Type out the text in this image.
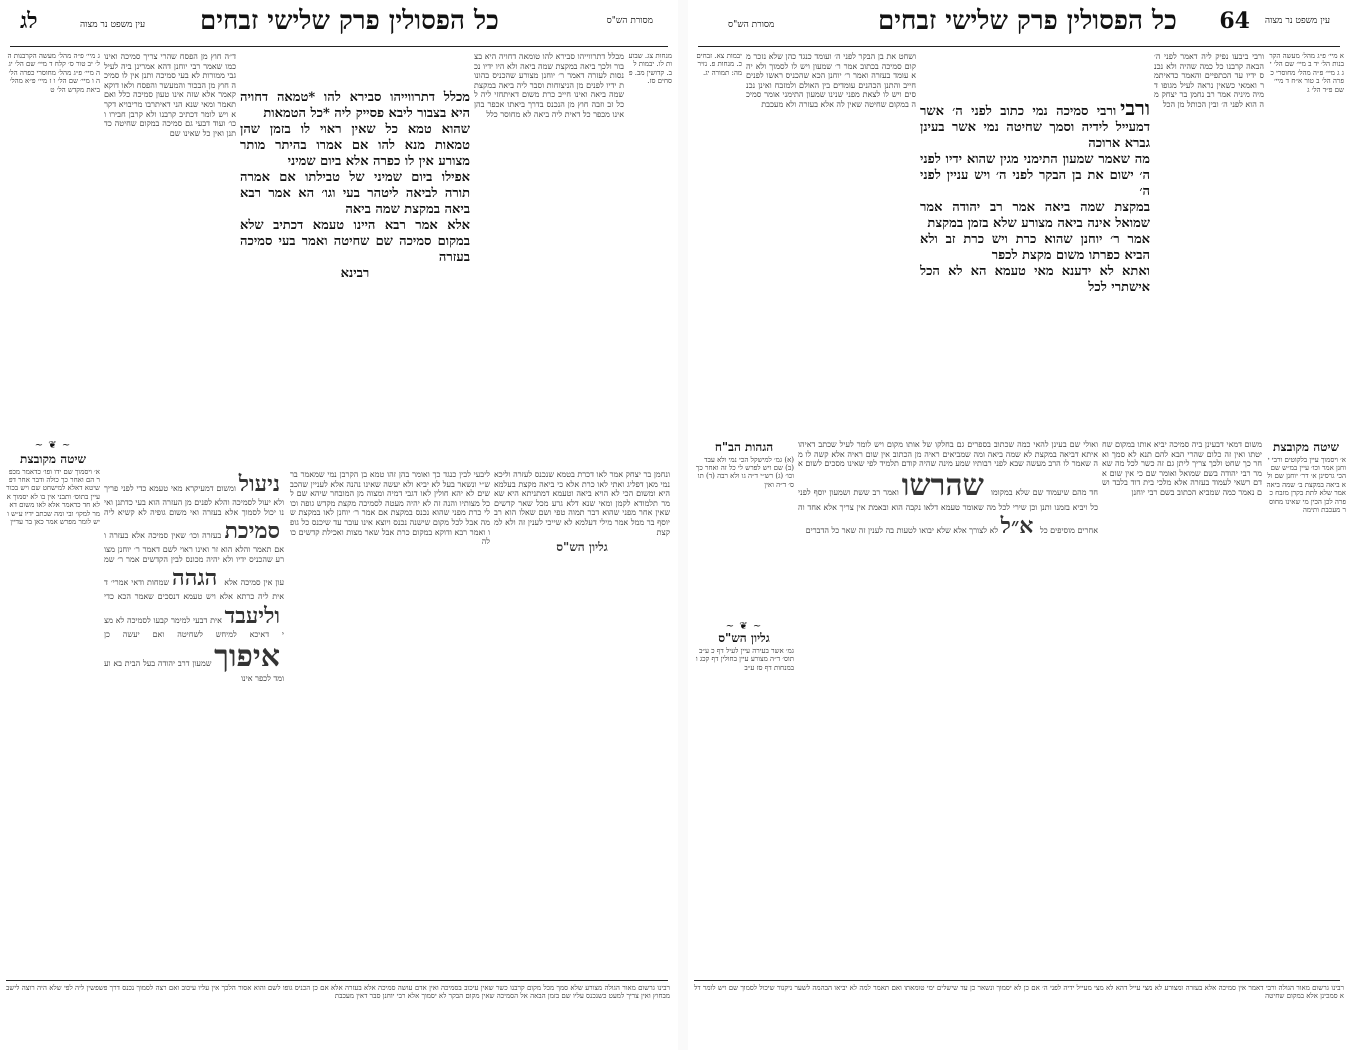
לג	כל הפסולין פרק שלישי זבחים
עין משפט נר מצוה	מסורת הש"ס
ג מיי׳ פ״ה מהל׳ מעשה הקרבנות הל׳ יב טור ס׳ קלח ד מיי׳ שם הל׳ יג ה מיי׳ פ״ג מהל׳ מחוסרי כפרה הל׳ ה ו מיי׳ שם הל׳ ו ז מיי׳ פ״א מהל׳ ביאת מקדש הל׳ ט
ד״ה חוץ מן הפסח שהרי צריך סמיכה ואינו כמו שאמר רבי יוחנן דהא אמרינן ביה לעיל גבי ממורות לא בעי סמיכה ותנן אין לו סמיכה חוץ מן הבכור והמעשר והפסח ולאו דוקא קאמר אלא שזה אינו טעון סמיכה כלל ואם תאמר ומאי שנא הני דאיתרבו מריבויא דקרא ויש לומר דכתיב קרבנו ולא קרבן חבירו וכו׳ ועוד דבעי גם סמיכה במקום שחיטה כדתנן ואין כל שאינו שם

מכלל דתרווייהו סבירא להו *טמאה דחויה היא בצבור ליבא פסייק ליה *כל הטמאות

שהוא טמא כל שאין ראוי לו בזמן שהן טמאות מנא להו אם אמרו בהיתר מותר מצורע אין לו כפרה אלא ביום שמיני

אפילו ביום שמיני של טבילתו אם אמרה תורה לביאה ליטהר בעי וגו׳ הא אמר רבא ביאה במקצת שמה ביאה

אלא אמר רבא היינו טעמא דכתיב שלא במקום סמיכה שם שחיטה ואמר בעי סמיכה בעזרה

רבינא

מכלל דתרווייהו סבירא להו טומאה דחויה היא בצבור ולכך ביאה במקצת שמה ביאה ולא היו ידיו נכנסות לעזרה דאמר ר׳ יוחנן מצורע שהכניס בהונות ידיו לפנים מן הניצוחות וסבר ליה ביאה במקצת שמה ביאה ואינו חייב כרת משום דאיתחזי ליה לכל זב וזבה חוץ מן הנכנס בדרך ביאתו אכפר בהן אינו מכפר כל דאית ליה ביאה לא מחוסר כלל
מנחות צג. שבועות לו. יבמות לב. קדושין מב. פסחים סז.
~ ❦ ~
שיטה מקובצת
א׳ ויסמוך שם ידו ופו׳ כדאמר מכפר הם ואחר כך כולה ודבר אחר דפשיטא דאלא למישחט שם ויש בכור עיין בתוס׳ ותבני אין בו לא יסמוך אלא חד כדאמר אלא לאו משום דאמר למקו׳ ובי ומה שכתב ידיו ע״ש ויש לומר מפרש אמר כאן בר עדיין
ניעול ומשום דמעיקרא מאי טעמא כדי לפני פריך ולא יעול לסמיכה והלא לפנים מן העזרה הוא בעי כדתנן ואינו יכול לסמוך אלא בעזרה ואי משום גופיה לא קשיא ליה סמיכת בעזרה וכו׳ שאין סמיכה אלא בעזרה ואם תאמר והלא הוא זר ואינו ראוי לשם דאמר ר׳ יוחנן מצורע שהכניס ידיו ולא יהיה מכונס לבין הקדשים אמר ר׳ שמעון אין סמיכה אלא הגהה שמחות ודאי אמרי׳ דאית ליה כרתא אלא ויש טעמא דנסכים שאמר הכא כדי וליעבד אית דבעי למימר קבעו לסמיכה לא מצי דאיכא למיחש לשחיטה ואם יעשה כן איפוך שמעון דרב יהודה בעל הבית בא ועומד לכפר אינו
ליבעי לבין כנגד כך ואומר בהן זהו טמא בן הקרבן נמי שמאמר ברש״י ונשאר בעל לא יביא ולא יעשה שאינו נהנה אלא לעניין שהכבשים לא יהא חולין לאו דגבי דמיה ומצוה מן המובחר שיהא שם לכל מצותיו והנה זה לא יהיה מעטה לסמיכה מקצת מקדש גופה וכולי כרת מפני שהוא נכנס במקצת אם אמר ר׳ יוחנן לאו במקצת שמה אבל לכל מקום שישנה נכנס ויוצא אינו עובר עד שיכנס כל גופו ואמר רבא ודוקא במקום כרת אבל שאר מצות ואכילת קדשים כולה
ונחמן בר יצחק אמר לאו דכרת בטמא שנכנס לעזרה וליכא נמי מאן דפליג ואתי לאו כרת אלא כי ביאה מקצת בעלמא היא ומשום הכי לא הויא ביאה וטעמא דמתניתא היא שאמר תלמודא לקמן ומאי שנא דלא גרע מכל שאר קדשים שאין אחר מפני שהוא דבר תמוה טפי ושם שאלו הוא רב יוסף בר ממל אמר מילי דעלמא לא שייכי לענין זה ולא למקצת
גליון הש"ס
רבינו גרשום מאור הגולה מצורע שלא סמך מכל מקום קרבנו כשר שאין עיכוב בסמיכה ואין אדם עושה סמיכה אלא בעזרה אלא אם כן הכניס גופו לשם והוא אסור הלכך אין עליו עיכוב ואם רצה לסמוך נכנס דרך פשפשין ליה לפי שלא היה רוצה לישב מבחוץ ואין צריך למעט כשנכנס עליו שם בזמן הבאה אל הסמיכה שאין מקום הבקר לא יסמוך אלא רבי יוחנן סבר דאין מעכבת
64
כל הפסולין פרק שלישי זבחים	עין משפט נר מצוה
מסורת הש"ס
יבמות צא. זבחים כ. מנחות פ. נזיר מה: תמורה יג.
ושחט את בן הבקר לפני ה׳ ועומד כנגד כהן שלא נזכר מקום סמיכה בכתוב אמר ר׳ שמעון ויש לו לסמוך ולא יהא עומד בעזרה ואמר ר׳ יוחנן הכא שהכניס ראשו לפנים חייב והתנן הכהנים עומדים בין האולם ולמזבח ואינן נכנסים ויש לו לצאת מפני שנינו שמעון התימני אומר סמיכה במקום שחיטה שאין לה אלא בעזרה ולא מעכבת	ורביורבי סמיכה נמי כתוב לפני ה׳ אשר דמעייל לידיה וסמך שחיטה נמי אשר בעינן גברא ארוכה

מה שאמר שמעון התימני מגין שהוא ידיו לפני ה׳ ישום את בן הבקר לפני ה׳ ויש עניין לפני ה׳

במקצת שמה ביאה אמר רב יהודה אמר שמואל אינה ביאה מצורע שלא בזמן במקצת

אמר ר׳ יוחנן שהוא כרת ויש כרת זב ולא הביא כפרתו משום מקצת לכפר

ואתא לא ידענא מאי טעמא הא לא הכל אישתרי לכל

ורבי ביבעו נפיק ליה דאמר לפני ה׳ הבאה קרבנו כל כמה שהיה ולא נכנס ידיו עד הכתפיים והאמר כדאיתמר ואמאי כשאין נראה לעיל מגופו דמיה מיניה אמר רב נחמן בר יצחק מה הוא לפני ה׳ ובין הכותל מן הכל
א מיי׳ פ״ג מהל׳ מעשה הקרבנות הל׳ יד ב מיי׳ שם הל׳ יג ג מיי׳ פ״ה מהל׳ מחוסרי כפרה הל׳ ב טור א״ח ד מיי׳ שם פ״ד הל׳ ג
הגהות הב"ח
(א) גמ׳ למישקל הכי נמי ולא עבד (ב) שם ויש לפרש לי כל זה ואחר כך וכו׳ (ג) רש״י ד״ה גו ולא רבה (ד) תוס׳ ד״ה ואין
~ ❦ ~
גליון הש"ס
גמ׳ אשר בעירה עיין לעיל דף כ ע״ב תוס׳ ד״ה מצורע עיין בחולין דף קכג ובמנחות דף סז ע״ב
ואולי שם בעינן להאי כמה שכתוב בספרים גם בחלקו של אותו מקום ויש לומר לעיל שכתב דאיהו איתא דביאה במקצת לא שמה ביאה ומה שמביאים ראיה מן הכתוב אין שום ראיה אלא קשה לו מה שאמר לו הרב מעשה שבא לפני רבותיו שמע מינה שהיה קודם תלמיד לפי שאינו מסכים לשום אחד מהם שיעמוד שם שלא במקומו שהרשו ואמר רב ששת ושמעון יוסף לפני כל ויביא בזמנו ותנן וכן שירי לכל מה שאומר טעמא דלאו נקבה הוא ובאמת אין צריך אלא אחד והאחרים מוסיפים כל א״ל לא לצורך אלא שלא יבואו לטעות בה לענין זה שאר כל הדברים
משום דמאי דבעינן ביה סמיכה יביא אותו במקום שחיטתו ואין זה כלום שהרי הבא להם תנא לא סמך ואחר כך שחט ולכך צריך ליתן גם זה כשר לכל מה שאמר רבי יהודה בשם שמואל ואומר שם כי אין שום אדם רשאי לעמוד בעזרה אלא מלכי בית דוד בלבד ושם נאמר כמה שמביא הכתוב בשם רבי יוחנן
שיטה מקובצת
א׳ ויסמוך עיין בלקוטים ורבי יוחנן אמר וכו׳ עיין במ״ש שם הכי גרסינן א׳ דר׳ יוחנן שם ולא ביאה במקצת ב׳ שמה ביאה אמר שלא לתת בקרן מזבח כפרה לכן הכין מי שאינו מחוסר מעכבת ותימה
רבינו גרשום מאור הגולה ורבי דאמר אין סמיכה אלא בעזרה ומצורע לא מצי עייל דהא לא מצי מעייל ידיה לפני ה׳ אם כן לא יסמוך ונשאר כן עד שישלים ימי טומאתו ואם תאמר למה לא יביאו הבהמה לשער ניקנור שיכול לסמוך שם ויש לומר דלא סמכינן אלא במקום שחיטה
